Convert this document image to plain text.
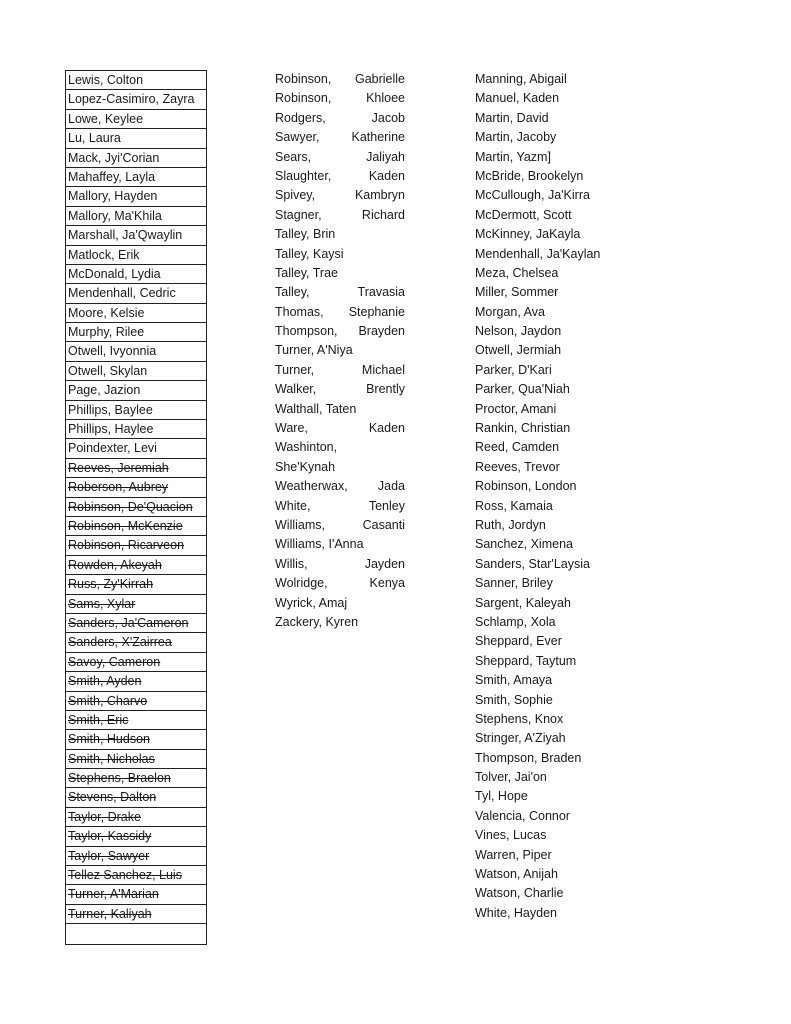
Lewis, Colton
Lopez-Casimiro, Zayra
Lowe, Keylee
Lu, Laura
Mack, Jyi'Corian
Mahaffey, Layla
Mallory, Hayden
Mallory, Ma'Khila
Marshall, Ja'Qwaylin
Matlock, Erik
McDonald, Lydia
Mendenhall, Cedric
Moore, Kelsie
Murphy, Rilee
Otwell, Ivyonnia
Otwell, Skylan
Page, Jazion
Phillips, Baylee
Phillips, Haylee
Poindexter, Levi
Reeves, Jeremiah
Roberson, Aubrey
Robinson, De'Quacion
Robinson, McKenzie
Robinson, Ricarveon
Rowden, Akeyah
Russ, Zy'Kirrah
Sams, Xylar
Sanders, Ja'Cameron
Sanders, X'Zairrea
Savoy, Cameron
Smith, Ayden
Smith, Charvo
Smith, Eric
Smith, Hudson
Smith, Nicholas
Stephens, Braelon
Stevens, Dalton
Taylor, Drake
Taylor, Kassidy
Taylor, Sawyer
Tellez Sanchez, Luis
Turner, A'Marian
Turner, Kaliyah
Robinson, Gabrielle
Robinson,	Khloee
Rodgers,	Jacob
Sawyer,	Katherine
Sears,	Jaliyah
Slaughter,	Kaden
Spivey,	Kambryn
Stagner,	Richard
Talley, Brin
Talley, Kaysi
Talley, Trae
Talley,	Travasia
Thomas, Stephanie
Thompson, Brayden
Turner, A'Niya
Turner,	Michael
Walker,	Brently
Walthall, Taten
Ware,	Kaden
Washinton,
She'Kynah
Weatherwax, Jada
White,	Tenley
Williams,	Casanti
Williams, I'Anna
Willis,	Jayden
Wolridge,	Kenya
Wyrick, Amaj
Zackery, Kyren
Manning, Abigail
Manuel, Kaden
Martin, David
Martin, Jacoby
Martin, Yazm]
McBride, Brookelyn
McCullough, Ja'Kirra
McDermott, Scott
McKinney, JaKayla
Mendenhall, Ja'Kaylan
Meza, Chelsea
Miller, Sommer
Morgan, Ava
Nelson, Jaydon
Otwell, Jermiah
Parker, D'Kari
Parker, Qua'Niah
Proctor, Amani
Rankin, Christian
Reed, Camden
Reeves, Trevor
Robinson, London
Ross, Kamaia
Ruth, Jordyn
Sanchez, Ximena
Sanders, Star'Laysia
Sanner, Briley
Sargent, Kaleyah
Schlamp, Xola
Sheppard, Ever
Sheppard, Taytum
Smith, Amaya
Smith, Sophie
Stephens, Knox
Stringer, A'Ziyah
Thompson, Braden
Tolver, Jai'on
Tyl, Hope
Valencia, Connor
Vines, Lucas
Warren, Piper
Watson, Anijah
Watson, Charlie
White, Hayden
